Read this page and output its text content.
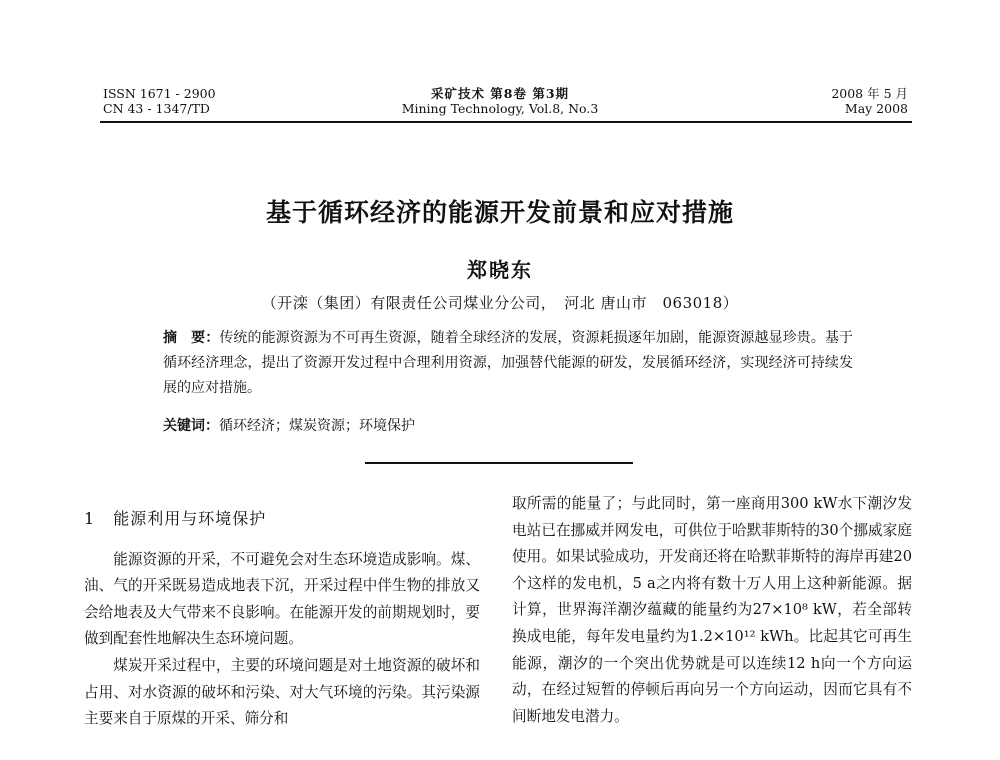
ISSN 1671 - 2900
CN 43 - 1347/TD
采矿技术 第8卷 第3期
Mining Technology, Vol.8, No.3
2008 年 5 月
May 2008
基于循环经济的能源开发前景和应对措施
郑晓东
（开滦（集团）有限责任公司煤业分公司，　河北 唐山市　063018）
摘　要：传统的能源资源为不可再生资源，随着全球经济的发展，资源耗损逐年加剧，能源资源越显珍贵。基于循环经济理念，提出了资源开发过程中合理利用资源，加强替代能源的研发，发展循环经济，实现经济可持续发展的应对措施。
关键词：循环经济；煤炭资源；环境保护
1 能源利用与环境保护

能源资源的开采，不可避免会对生态环境造成影响。煤、油、气的开采既易造成地表下沉，开采过程中伴生物的排放又会给地表及大气带来不良影响。在能源开发的前期规划时，要做到配套性地解决生态环境问题。

煤炭开采过程中，主要的环境问题是对土地资源的破坏和占用、对水资源的破坏和污染、对大气环境的污染。其污染源主要来自于原煤的开采、筛分和

取所需的能量了；与此同时，第一座商用300 kW水下潮汐发电站已在挪威并网发电，可供位于哈默菲斯特的30个挪威家庭使用。如果试验成功，开发商还将在哈默菲斯特的海岸再建20个这样的发电机，5 a之内将有数十万人用上这种新能源。据计算，世界海洋潮汐蕴藏的能量约为27×10⁸ kW，若全部转换成电能，每年发电量约为1.2×10¹² kWh。比起其它可再生能源，潮汐的一个突出优势就是可以连续12 h向一个方向运动，在经过短暂的停顿后再向另一个方向运动，因而它具有不间断地发电潜力。
